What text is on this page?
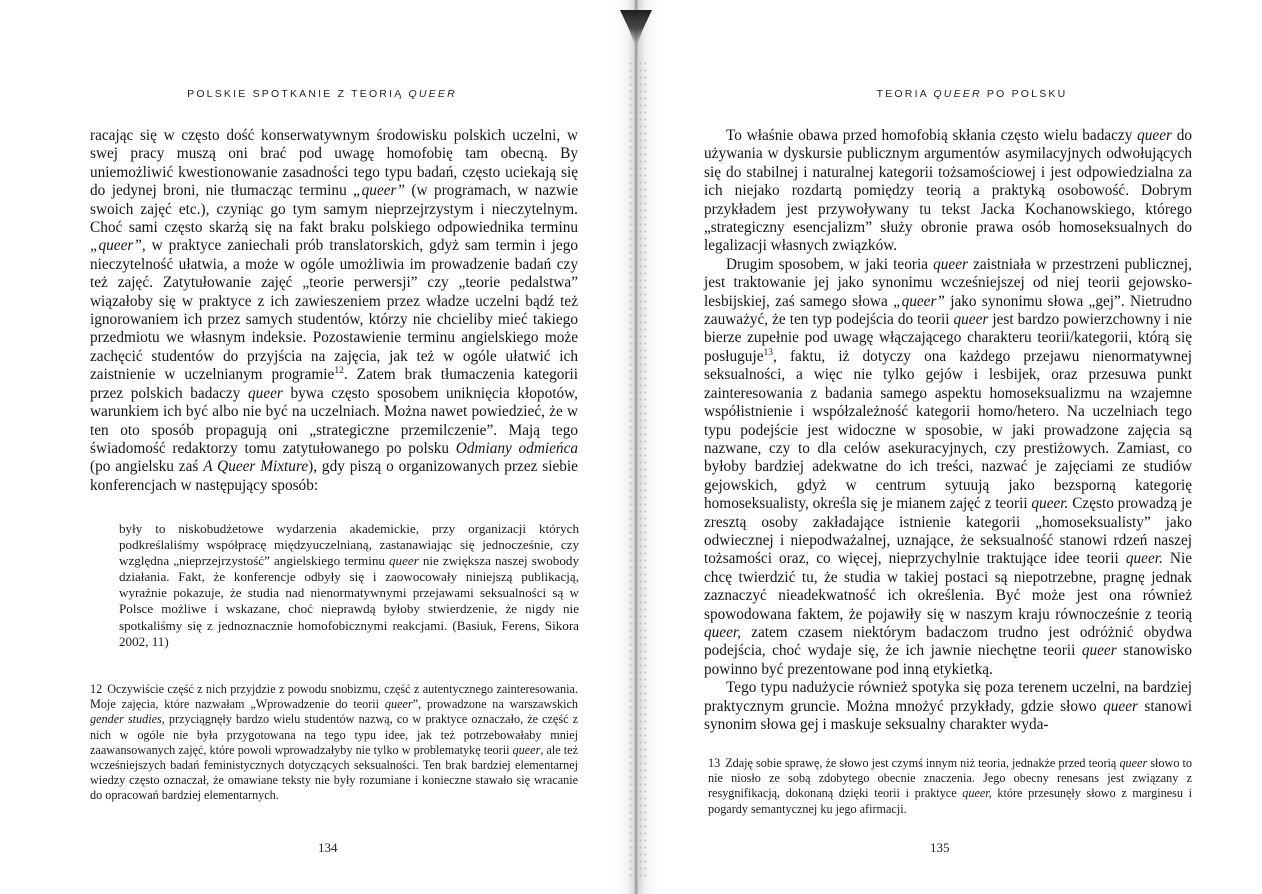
POLSKIE SPOTKANIE Z TEORIĄ QUEER

racając się w często dość konserwatywnym środowisku polskich uczelni, w swej pracy muszą oni brać pod uwagę homofobię tam obecną. By uniemożliwić kwestionowanie zasadności tego typu badań, często uciekają się do jedynej broni, nie tłumacząc terminu „queer” (w programach, w nazwie swoich zajęć etc.), czyniąc go tym samym nieprzejrzystym i nieczytelnym. Choć sami często skarżą się na fakt braku polskiego odpowiednika terminu „queer”, w praktyce zaniechali prób translatorskich, gdyż sam termin i jego nieczytelność ułatwia, a może w ogóle umożliwia im prowadzenie badań czy też zajęć. Zatytułowanie zajęć „teorie perwersji” czy „teorie pedalstwa” wiązałoby się w praktyce z ich zawieszeniem przez władze uczelni bądź też ignorowaniem ich przez samych studentów, którzy nie chcieliby mieć takiego przedmiotu we własnym indeksie. Pozostawienie terminu angielskiego może zachęcić studentów do przyjścia na zajęcia, jak też w ogóle ułatwić ich zaistnienie w uczelnianym programie$^{12}$. Zatem brak tłumaczenia kategorii przez polskich badaczy queer bywa często sposobem uniknięcia kłopotów, warunkiem ich być albo nie być na uczelniach. Można nawet powiedzieć, że w ten oto sposób propagują oni „strategiczne przemilczenie”. Mają tego świadomość redaktorzy tomu zatytułowanego po polsku Odmiany odmieńca (po angielsku zaś A Queer Mixture), gdy piszą o organizowanych przez siebie konferencjach w następujący sposób:

były to niskobudżetowe wydarzenia akademickie, przy organizacji których podkreślaliśmy współpracę międzyuczelnianą, zastanawiając się jednocześnie, czy względna „nieprzejrzystość” angielskiego terminu queer nie zwiększa naszej swobody działania. Fakt, że konferencje odbyły się i zaowocowały niniejszą publikacją, wyraźnie pokazuje, że studia nad nienormatywnymi przejawami seksualności są w Polsce możliwe i wskazane, choć nieprawdą byłoby stwierdzenie, że nigdy nie spotkaliśmy się z jednoznacznie homofobicznymi reakcjami. (Basiuk, Ferens, Sikora 2002, 11)

12 Oczywiście część z nich przyjdzie z powodu snobizmu, część z autentycznego zainteresowania. Moje zajęcia, które nazwałam „Wprowadzenie do teorii queer”, prowadzone na warszawskich gender studies, przyciągnęły bardzo wielu studentów nazwą, co w praktyce oznaczało, że część z nich w ogóle nie była przygotowana na tego typu idee, jak też potrzebowałaby mniej zaawansowanych zajęć, które powoli wprowadzałyby nie tylko w problematykę teorii queer, ale też wcześniejszych badań feministycznych dotyczących seksualności. Ten brak bardziej elementarnej wiedzy często oznaczał, że omawiane teksty nie były rozumiane i konieczne stawało się wracanie do opracowań bardziej elementarnych.

134
TEORIA QUEER PO POLSKU

To właśnie obawa przed homofobią skłania często wielu badaczy queer do używania w dyskursie publicznym argumentów asymilacyjnych odwołujących się do stabilnej i naturalnej kategorii tożsamościowej i jest odpowiedzialna za ich niejako rozdartą pomiędzy teorią a praktyką osobowość. Dobrym przykładem jest przywoływany tu tekst Jacka Kochanowskiego, którego „strategiczny esencjalizm” służy obronie prawa osób homoseksualnych do legalizacji własnych związków.

Drugim sposobem, w jaki teoria queer zaistniała w przestrzeni publicznej, jest traktowanie jej jako synonimu wcześniejszej od niej teorii gejowsko-lesbijskiej, zaś samego słowa „queer” jako synonimu słowa „gej”. Nietrudno zauważyć, że ten typ podejścia do teorii queer jest bardzo powierzchowny i nie bierze zupełnie pod uwagę włączającego charakteru teorii/kategorii, którą się posługuje$^{13}$, faktu, iż dotyczy ona każdego przejawu nienormatywnej seksualności, a więc nie tylko gejów i lesbijek, oraz przesuwa punkt zainteresowania z badania samego aspektu homoseksualizmu na wzajemne współistnienie i współzależność kategorii homo/hetero. Na uczelniach tego typu podejście jest widoczne w sposobie, w jaki prowadzone zajęcia są nazwane, czy to dla celów asekuracyjnych, czy prestiżowych. Zamiast, co byłoby bardziej adekwatne do ich treści, nazwać je zajęciami ze studiów gejowskich, gdyż w centrum sytuują jako bezsporną kategorię homoseksualisty, określa się je mianem zajęć z teorii queer. Często prowadzą je zresztą osoby zakładające istnienie kategorii „homoseksualisty” jako odwiecznej i niepodważalnej, uznające, że seksualność stanowi rdzeń naszej tożsamości oraz, co więcej, nieprzychylnie traktujące idee teorii queer. Nie chcę twierdzić tu, że studia w takiej postaci są niepotrzebne, pragnę jednak zaznaczyć nieadekwatność ich określenia. Być może jest ona również spowodowana faktem, że pojawiły się w naszym kraju równocześnie z teorią queer, zatem czasem niektórym badaczom trudno jest odróżnić obydwa podejścia, choć wydaje się, że ich jawnie niechętne teorii queer stanowisko powinno być prezentowane pod inną etykietką.

Tego typu nadużycie również spotyka się poza terenem uczelni, na bardziej praktycznym gruncie. Można mnożyć przykłady, gdzie słowo queer stanowi synonim słowa gej i maskuje seksualny charakter wyda-

13 Zdaję sobie sprawę, że słowo jest czymś innym niż teoria, jednakże przed teorią queer słowo to nie niosło ze sobą zdobytego obecnie znaczenia. Jego obecny renesans jest związany z resygnifikacją, dokonaną dzięki teorii i praktyce queer, które przesunęły słowo z marginesu i pogardy semantycznej ku jego afirmacji.

135
